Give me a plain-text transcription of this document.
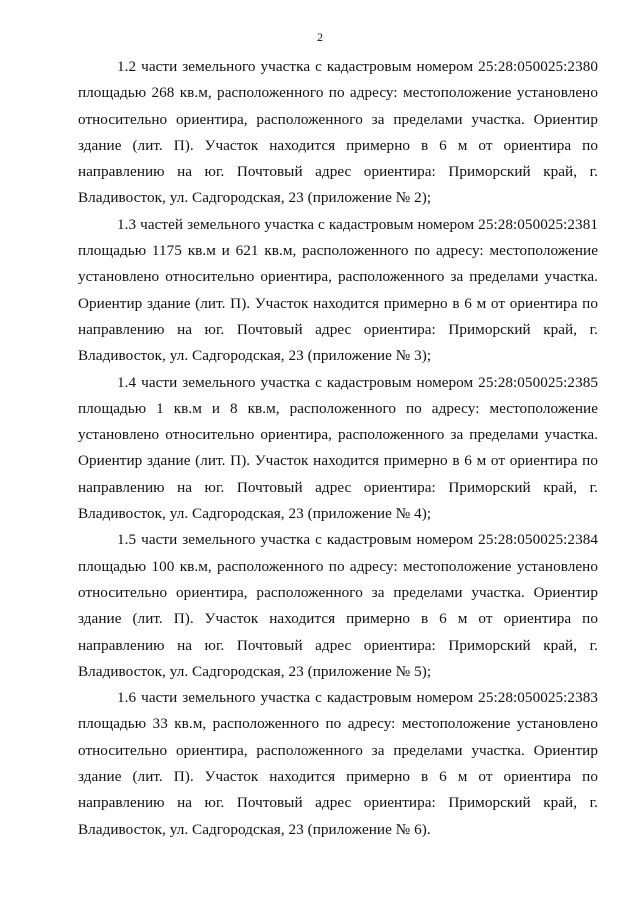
2

1.2 части земельного участка с кадастровым номером 25:28:050025:2380 площадью 268 кв.м, расположенного по адресу: местоположение установлено относительно ориентира, расположенного за пределами участка. Ориентир здание (лит. П). Участок находится примерно в 6 м от ориентира по направлению на юг. Почтовый адрес ориентира: Приморский край, г. Владивосток, ул. Садгородская, 23 (приложение № 2);

1.3 частей земельного участка с кадастровым номером 25:28:050025:2381 площадью 1175 кв.м и 621 кв.м, расположенного по адресу: местоположение установлено относительно ориентира, расположенного за пределами участка. Ориентир здание (лит. П). Участок находится примерно в 6 м от ориентира по направлению на юг. Почтовый адрес ориентира: Приморский край, г. Владивосток, ул. Садгородская, 23 (приложение № 3);

1.4 части земельного участка с кадастровым номером 25:28:050025:2385 площадью 1 кв.м и 8 кв.м, расположенного по адресу: местоположение установлено относительно ориентира, расположенного за пределами участка. Ориентир здание (лит. П). Участок находится примерно в 6 м от ориентира по направлению на юг. Почтовый адрес ориентира: Приморский край, г. Владивосток, ул. Садгородская, 23 (приложение № 4);

1.5 части земельного участка с кадастровым номером 25:28:050025:2384 площадью 100 кв.м, расположенного по адресу: местоположение установлено относительно ориентира, расположенного за пределами участка. Ориентир здание (лит. П). Участок находится примерно в 6 м от ориентира по направлению на юг. Почтовый адрес ориентира: Приморский край, г. Владивосток, ул. Садгородская, 23 (приложение № 5);

1.6 части земельного участка с кадастровым номером 25:28:050025:2383 площадью 33 кв.м, расположенного по адресу: местоположение установлено относительно ориентира, расположенного за пределами участка. Ориентир здание (лит. П). Участок находится примерно в 6 м от ориентира по направлению на юг. Почтовый адрес ориентира: Приморский край, г. Владивосток, ул. Садгородская, 23 (приложение № 6).
